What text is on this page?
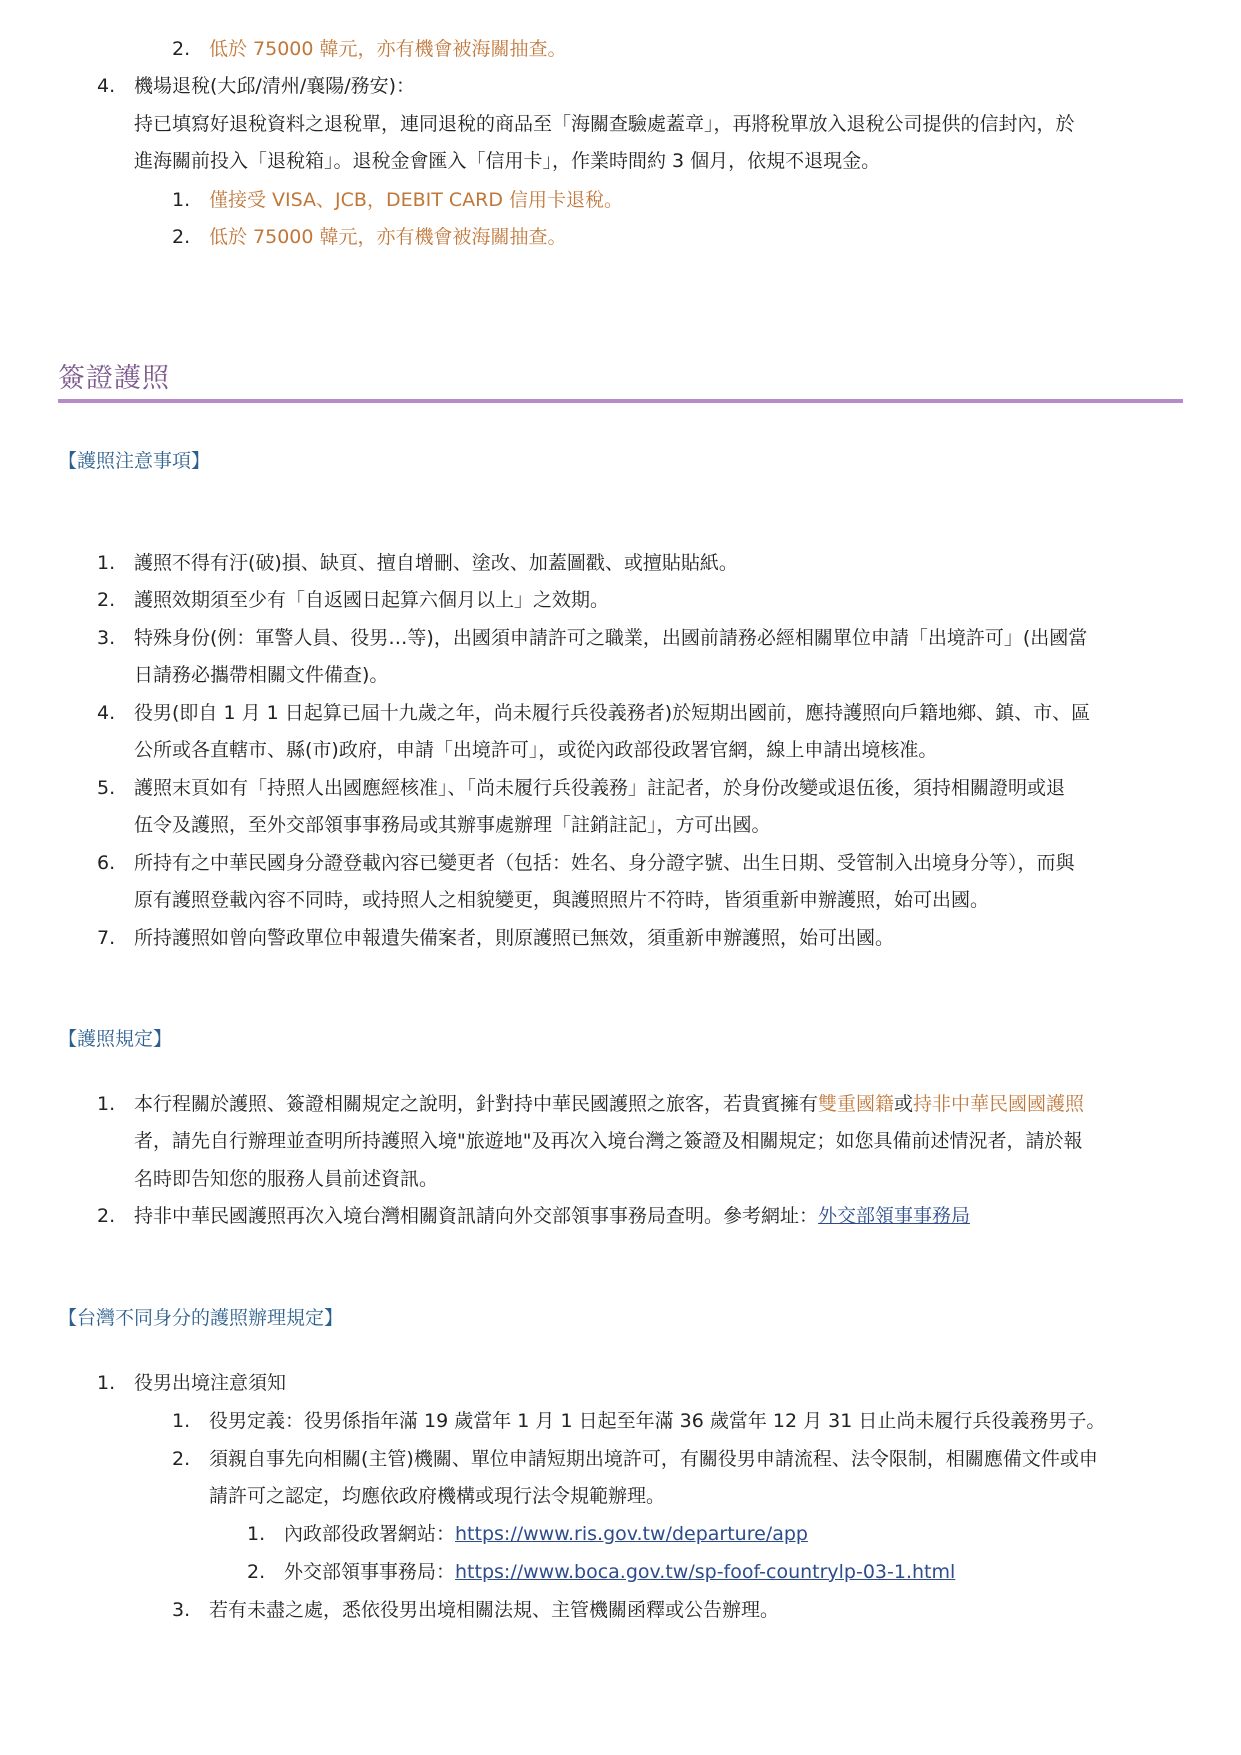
2. 低於 75000 韓元，亦有機會被海關抽查。
4. 機場退稅(大邱/清州/襄陽/務安)：
持已填寫好退稅資料之退稅單，連同退稅的商品至「海關查驗處蓋章」，再將稅單放入退稅公司提供的信封內，於
進海關前投入「退稅箱」。退稅金會匯入「信用卡」，作業時間約 3 個月，依規不退現金。
1. 僅接受 VISA、JCB，DEBIT CARD 信用卡退稅。
2. 低於 75000 韓元，亦有機會被海關抽查。
簽證護照
【護照注意事項】
1. 護照不得有汙(破)損、缺頁、擅自增刪、塗改、加蓋圖戳、或擅貼貼紙。
2. 護照效期須至少有「自返國日起算六個月以上」之效期。
3. 特殊身份(例：軍警人員、役男…等)，出國須申請許可之職業，出國前請務必經相關單位申請「出境許可」(出國當
日請務必攜帶相關文件備查)。
4. 役男(即自 1 月 1 日起算已屆十九歲之年，尚未履行兵役義務者)於短期出國前，應持護照向戶籍地鄉、鎮、市、區
公所或各直轄市、縣(市)政府，申請「出境許可」，或從內政部役政署官網，線上申請出境核准。
5. 護照末頁如有「持照人出國應經核准」、「尚未履行兵役義務」註記者，於身份改變或退伍後，須持相關證明或退
伍令及護照，至外交部領事事務局或其辦事處辦理「註銷註記」，方可出國。
6. 所持有之中華民國身分證登載內容已變更者（包括：姓名、身分證字號、出生日期、受管制入出境身分等），而與
原有護照登載內容不同時，或持照人之相貌變更，與護照照片不符時，皆須重新申辦護照，始可出國。
7. 所持護照如曾向警政單位申報遺失備案者，則原護照已無效，須重新申辦護照，始可出國。
【護照規定】
1. 本行程關於護照、簽證相關規定之說明，針對持中華民國護照之旅客，若貴賓擁有雙重國籍或持非中華民國國護照
者，請先自行辦理並查明所持護照入境"旅遊地"及再次入境台灣之簽證及相關規定；如您具備前述情況者，請於報
名時即告知您的服務人員前述資訊。
2. 持非中華民國護照再次入境台灣相關資訊請向外交部領事事務局查明。參考網址：外交部領事事務局
【台灣不同身分的護照辦理規定】
1. 役男出境注意須知
1. 役男定義：役男係指年滿 19 歲當年 1 月 1 日起至年滿 36 歲當年 12 月 31 日止尚未履行兵役義務男子。
2. 須親自事先向相關(主管)機關、單位申請短期出境許可，有關役男申請流程、法令限制，相關應備文件或申
請許可之認定，均應依政府機構或現行法令規範辦理。
1. 內政部役政署網站：https://www.ris.gov.tw/departure/app
2. 外交部領事事務局：https://www.boca.gov.tw/sp-foof-countrylp-03-1.html
3. 若有未盡之處，悉依役男出境相關法規、主管機關函釋或公告辦理。
